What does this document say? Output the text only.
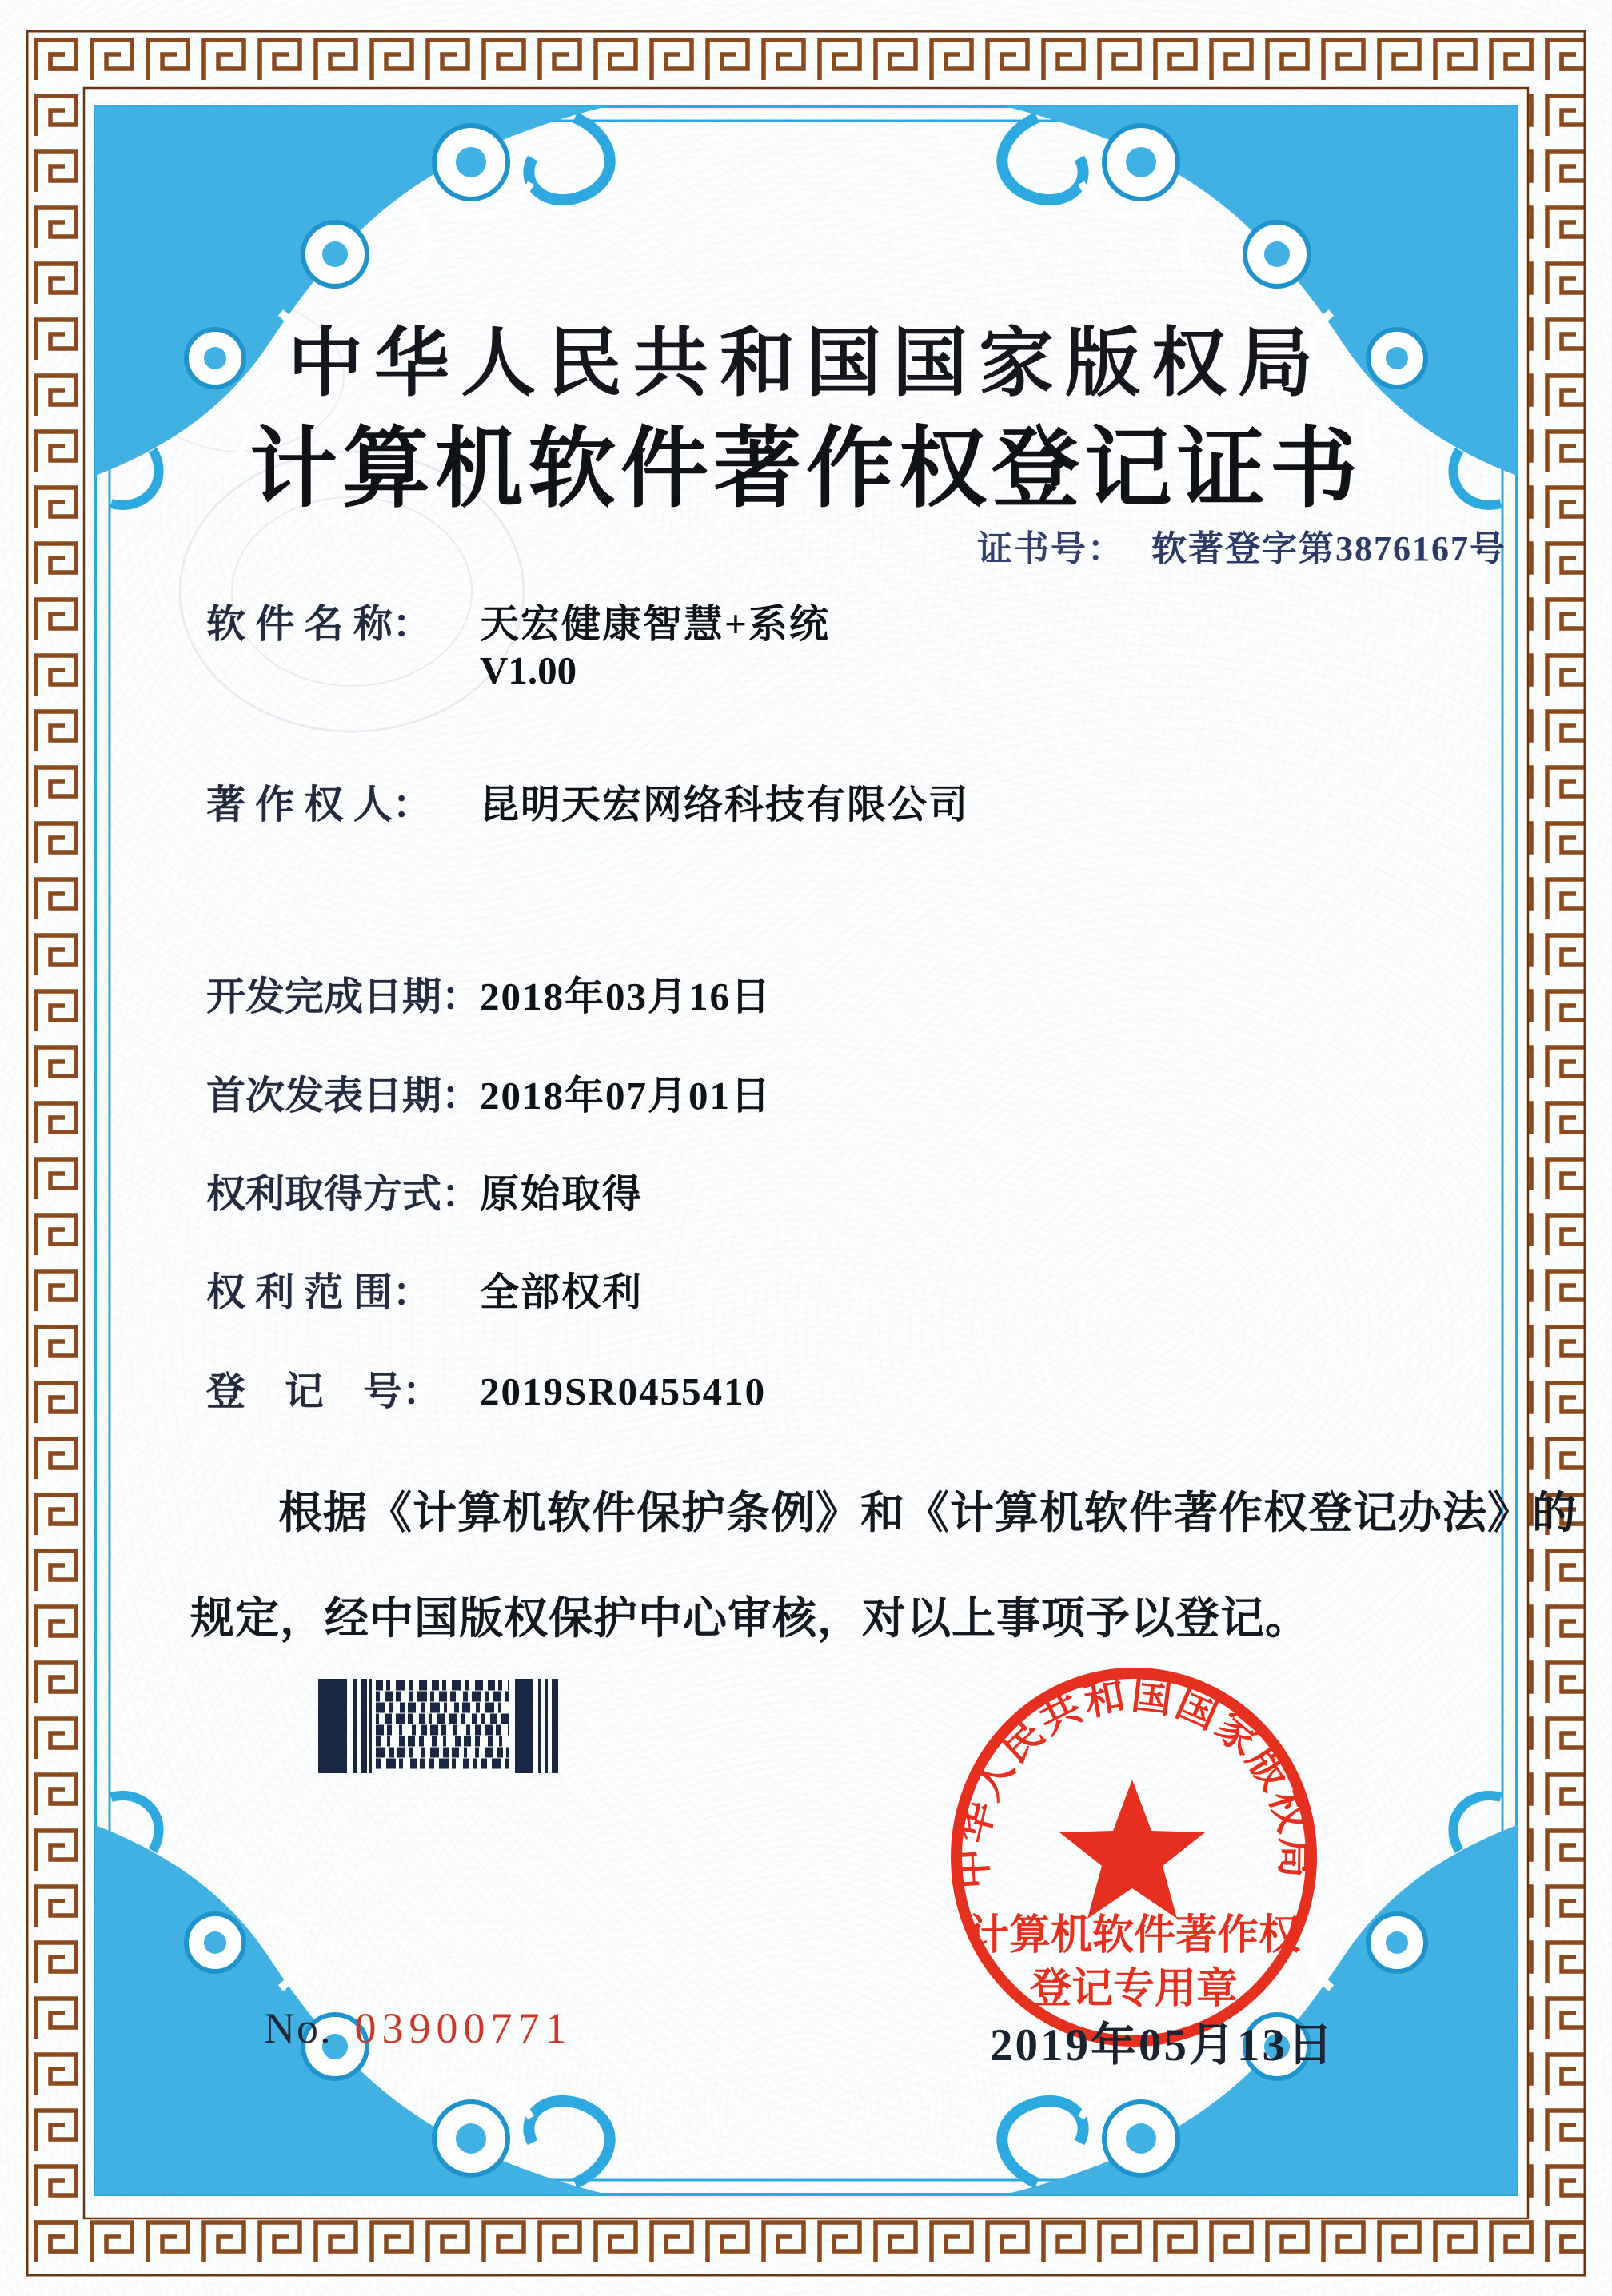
中华人民共和国国家版权局
计算机软件著作权
登记专用章
中华人民共和国国家版权局
计算机软件著作权登记证书
证书号： 软著登字第3876167号
软 件 名 称： 天宏健康智慧+系统
V1.00
著 作 权 人： 昆明天宏网络科技有限公司
开发完成日期：2018年03月16日
首次发表日期：2018年07月01日
权利取得方式：原始取得
权 利 范 围： 全部权利
登　记　号： 2019SR0455410
根据《计算机软件保护条例》和《计算机软件著作权登记办法》的
规定，经中国版权保护中心审核，对以上事项予以登记。
2019年05月13日
No. 03900771
